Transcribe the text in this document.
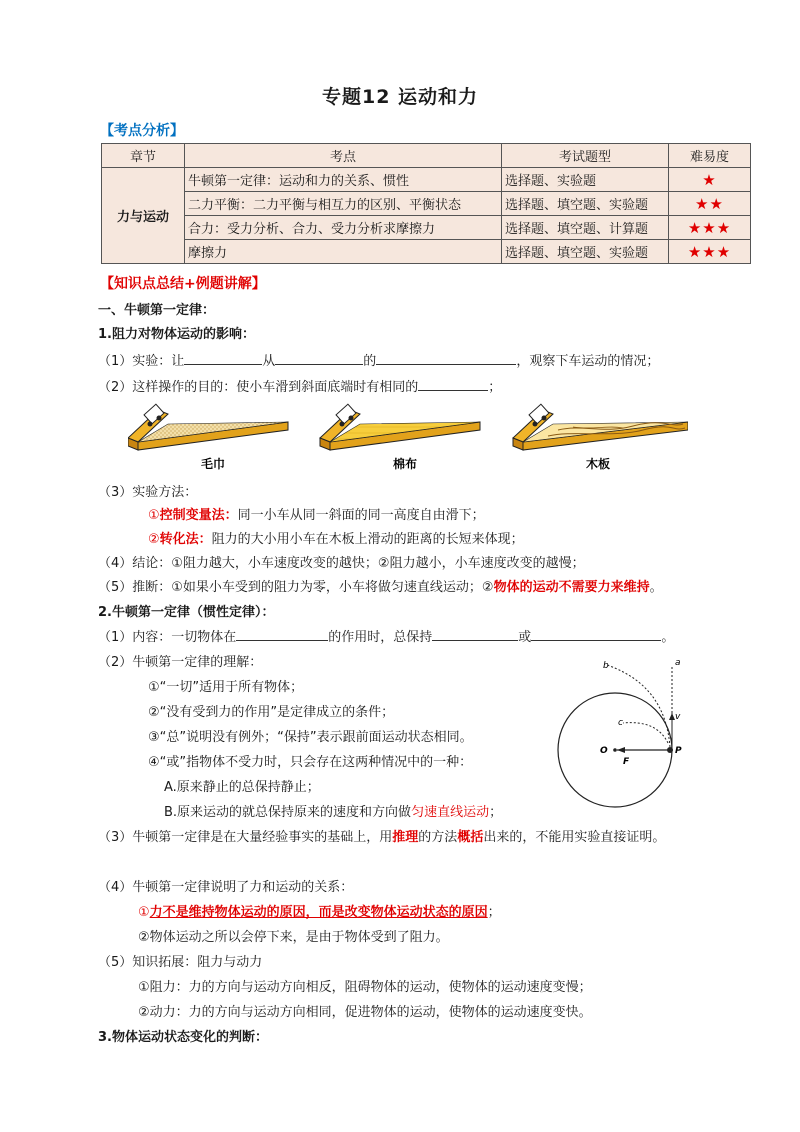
专题12 运动和力
【考点分析】
章节	考点	考试题型	难易度
力与运动	牛顿第一定律：运动和力的关系、惯性	选择题、实验题	★
	二力平衡：二力平衡与相互力的区别、平衡状态	选择题、填空题、实验题	★★
	合力：受力分析、合力、受力分析求摩擦力	选择题、填空题、计算题	★★★
	摩擦力	选择题、填空题、实验题	★★★
【知识点总结+例题讲解】
一、牛顿第一定律：
1.阻力对物体运动的影响：
（1）实验：让	从	的	，观察下车运动的情况；
（2）这样操作的目的：使小车滑到斜面底端时有相同的	；
毛巾	棉布	木板
（3）实验方法：
①控制变量法：同一小车从同一斜面的同一高度自由滑下；
②转化法：阻力的大小用小车在木板上滑动的距离的长短来体现；
（4）结论：①阻力越大，小车速度改变的越快；②阻力越小，小车速度改变的越慢；
（5）推断：①如果小车受到的阻力为零，小车将做匀速直线运动；②物体的运动不需要力来维持。
2.牛顿第一定律（惯性定律）：
（1）内容：一切物体在	的作用时，总保持	或	。
（2）牛顿第一定律的理解：
①“一切”适用于所有物体；
②“没有受到力的作用”是定律成立的条件；
③“总”说明没有例外；“保持”表示跟前面运动状态相同。
④“或”指物体不受力时，只会存在这两种情况中的一种：
A.原来静止的总保持静止；
B.原来运动的就总保持原来的速度和方向做匀速直线运动；
b	a
v
c
O
F
P
（3）牛顿第一定律是在大量经验事实的基础上，用推理的方法概括出来的，不能用实验直接证明。
（4）牛顿第一定律说明了力和运动的关系：
①力不是维持物体运动的原因，而是改变物体运动状态的原因；
②物体运动之所以会停下来，是由于物体受到了阻力。
（5）知识拓展：阻力与动力
①阻力：力的方向与运动方向相反，阻碍物体的运动，使物体的运动速度变慢；
②动力：力的方向与运动方向相同，促进物体的运动，使物体的运动速度变快。
3.物体运动状态变化的判断：
